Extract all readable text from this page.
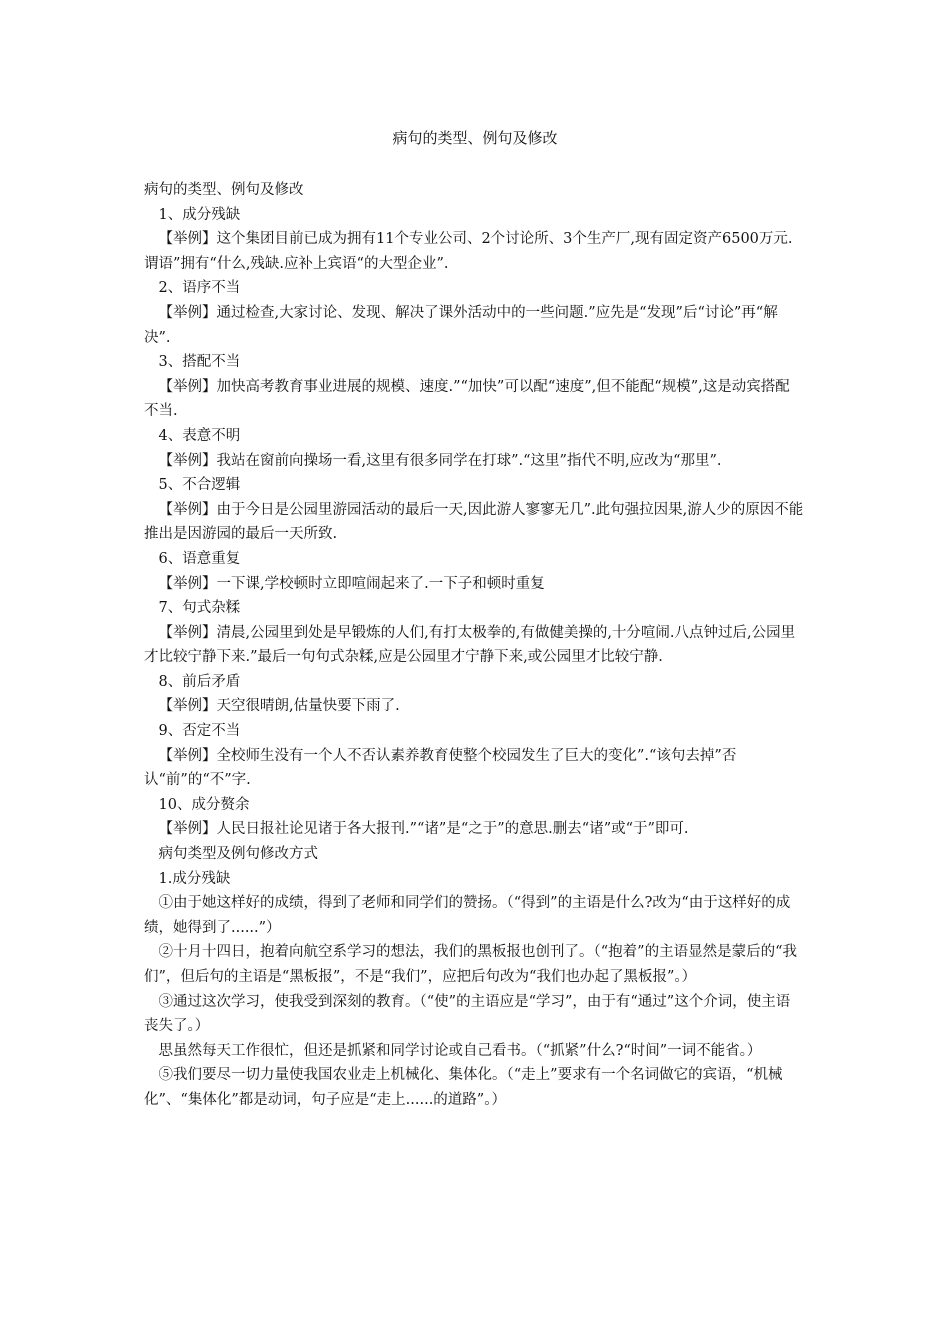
病句的类型、例句及修改

病句的类型、例句及修改

1、成分残缺

【举例】这个集团目前已成为拥有11个专业公司、2个讨论所、3个生产厂,现有固定资产6500万元.谓语”拥有“什么,残缺.应补上宾语“的大型企业”.

2、语序不当

【举例】通过检查,大家讨论、发现、解决了课外活动中的一些问题.”应先是“发现”后“讨论”再“解决”.

3、搭配不当

【举例】加快高考教育事业进展的规模、速度.”“加快”可以配“速度”,但不能配“规模”,这是动宾搭配不当.

4、表意不明

【举例】我站在窗前向操场一看,这里有很多同学在打球”.“这里”指代不明,应改为“那里”.

5、不合逻辑

【举例】由于今日是公园里游园活动的最后一天,因此游人寥寥无几”.此句强拉因果,游人少的原因不能推出是因游园的最后一天所致.

6、语意重复

【举例】一下课,学校顿时立即喧闹起来了.一下子和顿时重复

7、句式杂糅

【举例】清晨,公园里到处是早锻炼的人们,有打太极拳的,有做健美操的,十分喧闹.八点钟过后,公园里才比较宁静下来.”最后一句句式杂糅,应是公园里才宁静下来,或公园里才比较宁静.

8、前后矛盾

【举例】天空很晴朗,估量快要下雨了.

9、否定不当

【举例】全校师生没有一个人不否认素养教育使整个校园发生了巨大的变化”.“该句去掉”否认“前”的“不”字.

10、成分赘余

【举例】人民日报社论见诸于各大报刊.”“诸”是“之于”的意思.删去“诸”或“于”即可.

病句类型及例句修改方式

1.成分残缺

①由于她这样好的成绩，得到了老师和同学们的赞扬。（“得到”的主语是什么?改为“由于这样好的成绩，她得到了......”）

②十月十四日，抱着向航空系学习的想法，我们的黑板报也创刊了。（“抱着”的主语显然是蒙后的“我们”，但后句的主语是“黑板报”，不是“我们”，应把后句改为“我们也办起了黑板报”。）

③通过这次学习，使我受到深刻的教育。（“使”的主语应是“学习”，由于有“通过”这个介词，使主语丧失了。）

思虽然每天工作很忙，但还是抓紧和同学讨论或自己看书。（“抓紧”什么?“时间”一词不能省。）

⑤我们要尽一切力量使我国农业走上机械化、集体化。（“走上”要求有一个名词做它的宾语，“机械化”、“集体化”都是动词，句子应是“走上......的道路”。）
